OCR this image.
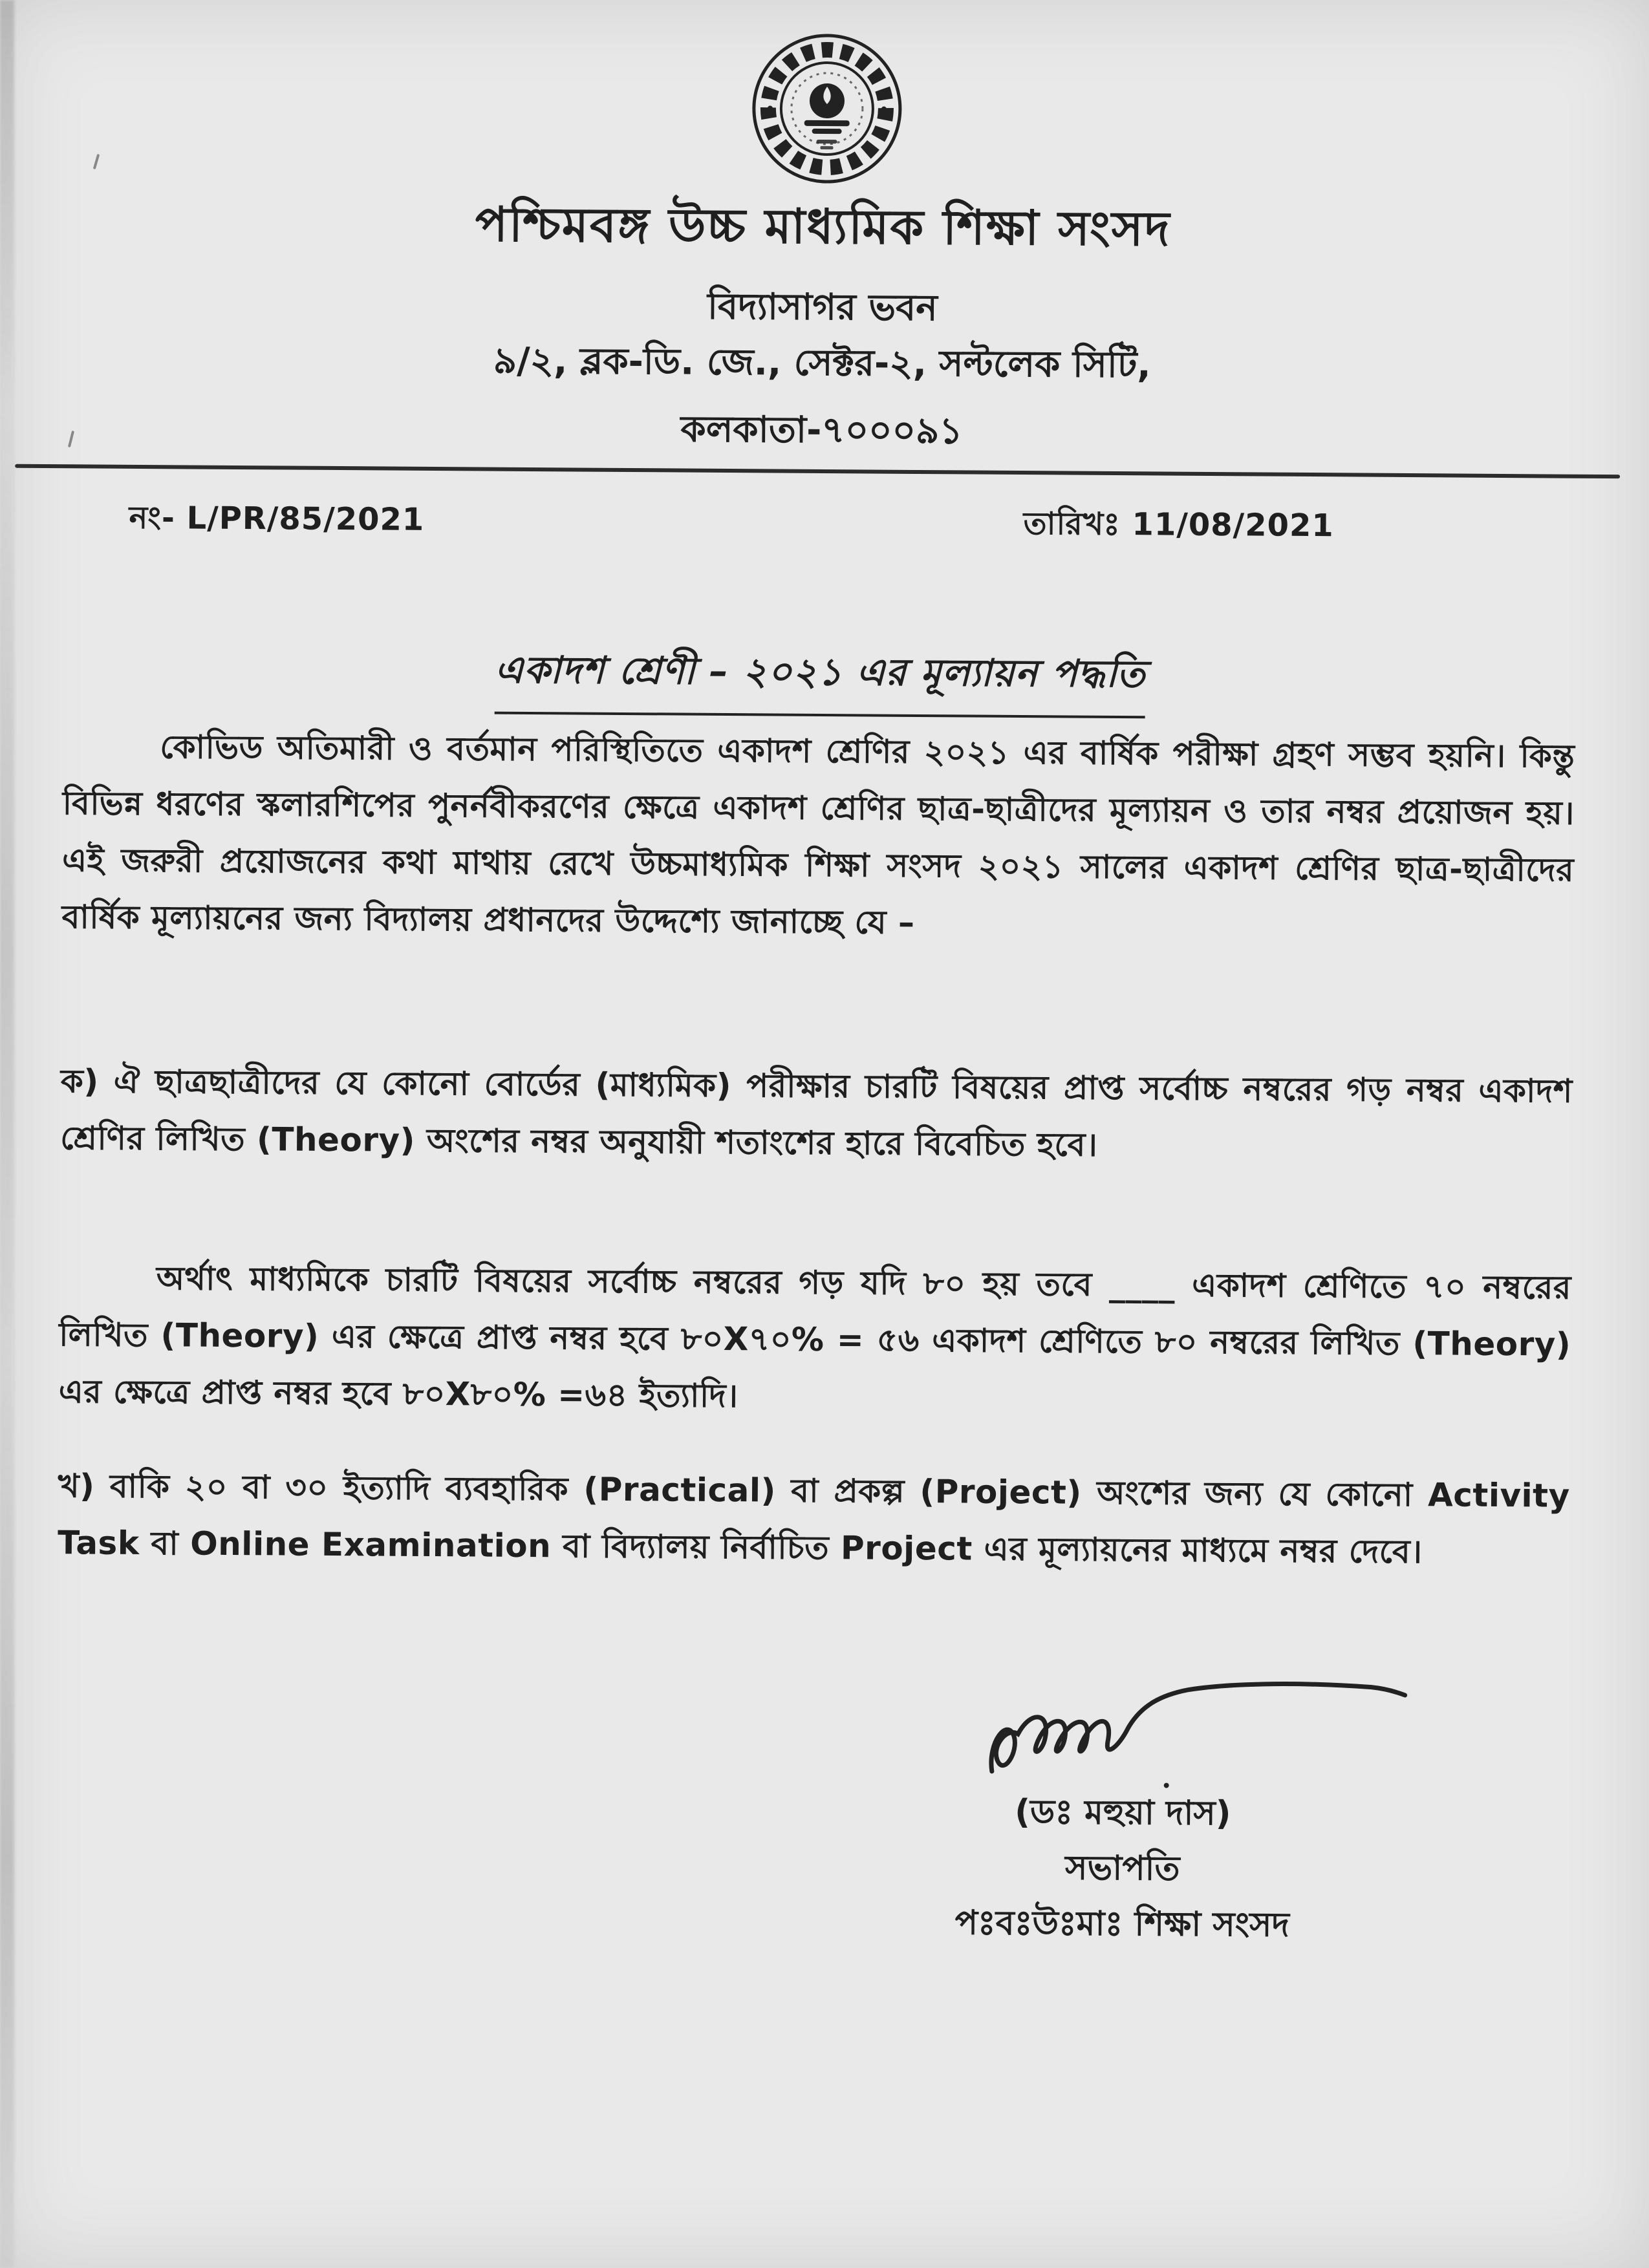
পশ্চিমবঙ্গ উচ্চ মাধ্যমিক শিক্ষা সংসদ
বিদ্যাসাগর ভবন
৯/২, ব্লক-ডি. জে., সেক্টর-২, সল্টলেক সিটি,
কলকাতা-৭০০০৯১
নং- L/PR/85/2021	তারিখঃ 11/08/2021
একাদশ শ্রেণী – ২০২১ এর মূল্যায়ন পদ্ধতি
কোভিড অতিমারী ও বর্তমান পরিস্থিতিতে একাদশ শ্রেণির ২০২১ এর বার্ষিক পরীক্ষা গ্রহণ সম্ভব হয়নি। কিন্তু বিভিন্ন ধরণের স্কলারশিপের পুনর্নবীকরণের ক্ষেত্রে একাদশ শ্রেণির ছাত্র-ছাত্রীদের মূল্যায়ন ও তার নম্বর প্রয়োজন হয়। এই জরুরী প্রয়োজনের কথা মাথায় রেখে উচ্চমাধ্যমিক শিক্ষা সংসদ ২০২১ সালের একাদশ শ্রেণির ছাত্র-ছাত্রীদের বার্ষিক মূল্যায়নের জন্য বিদ্যালয় প্রধানদের উদ্দেশ্যে জানাচ্ছে যে –
ক) ঐ ছাত্রছাত্রীদের যে কোনো বোর্ডের (মাধ্যমিক) পরীক্ষার চারটি বিষয়ের প্রাপ্ত সর্বোচ্চ নম্বরের গড় নম্বর একাদশ শ্রেণির লিখিত (Theory) অংশের নম্বর অনুযায়ী শতাংশের হারে বিবেচিত হবে।
অর্থাৎ মাধ্যমিকে চারটি বিষয়ের সর্বোচ্চ নম্বরের গড় যদি ৮০ হয় তবে ____ একাদশ শ্রেণিতে ৭০ নম্বরের লিখিত (Theory) এর ক্ষেত্রে প্রাপ্ত নম্বর হবে ৮০X৭০% = ৫৬ একাদশ শ্রেণিতে ৮০ নম্বরের লিখিত (Theory) এর ক্ষেত্রে প্রাপ্ত নম্বর হবে ৮০X৮০% =৬৪ ইত্যাদি।
খ) বাকি ২০ বা ৩০ ইত্যাদি ব্যবহারিক (Practical) বা প্রকল্প (Project) অংশের জন্য যে কোনো Activity Task বা Online Examination বা বিদ্যালয় নির্বাচিত Project এর মূল্যায়নের মাধ্যমে নম্বর দেবে।
(ডঃ মহুয়া দাস)
সভাপতি
পঃবঃউঃমাঃ শিক্ষা সংসদ
